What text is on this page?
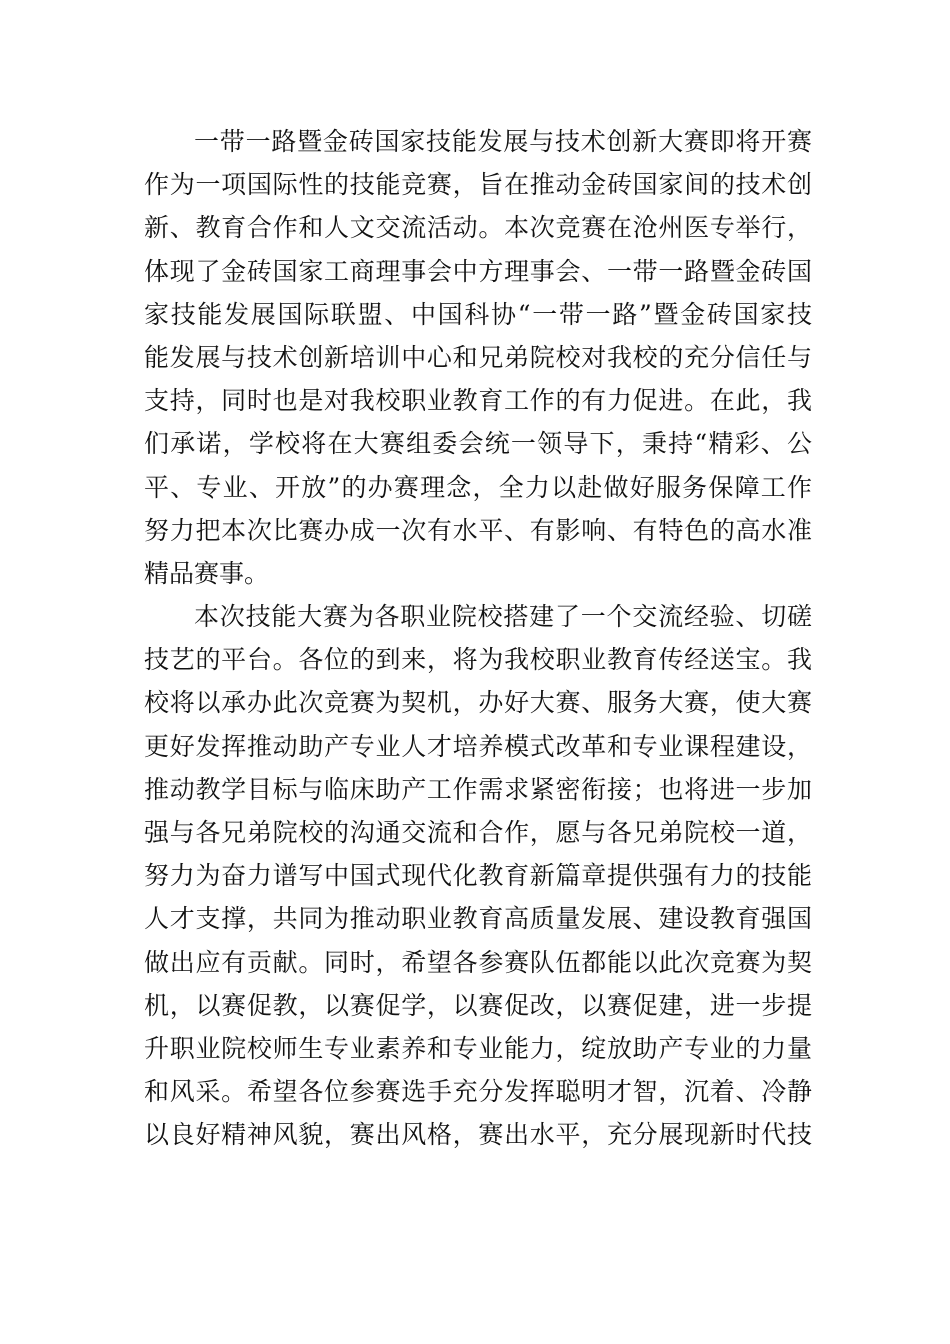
一带一路暨金砖国家技能发展与技术创新大赛即将开赛
作为一项国际性的技能竞赛，旨在推动金砖国家间的技术创
新、教育合作和人文交流活动。本次竞赛在沧州医专举行，
体现了金砖国家工商理事会中方理事会、一带一路暨金砖国
家技能发展国际联盟、中国科协“一带一路”暨金砖国家技
能发展与技术创新培训中心和兄弟院校对我校的充分信任与
支持，同时也是对我校职业教育工作的有力促进。在此，我
们承诺，学校将在大赛组委会统一领导下，秉持“精彩、公
平、专业、开放”的办赛理念，全力以赴做好服务保障工作
努力把本次比赛办成一次有水平、有影响、有特色的高水准
精品赛事。
本次技能大赛为各职业院校搭建了一个交流经验、切磋
技艺的平台。各位的到来，将为我校职业教育传经送宝。我
校将以承办此次竞赛为契机，办好大赛、服务大赛，使大赛
更好发挥推动助产专业人才培养模式改革和专业课程建设，
推动教学目标与临床助产工作需求紧密衔接；也将进一步加
强与各兄弟院校的沟通交流和合作，愿与各兄弟院校一道，
努力为奋力谱写中国式现代化教育新篇章提供强有力的技能
人才支撑，共同为推动职业教育高质量发展、建设教育强国
做出应有贡献。同时，希望各参赛队伍都能以此次竞赛为契
机，以赛促教，以赛促学，以赛促改，以赛促建，进一步提
升职业院校师生专业素养和专业能力，绽放助产专业的力量
和风采。希望各位参赛选手充分发挥聪明才智，沉着、冷静
以良好精神风貌，赛出风格，赛出水平，充分展现新时代技
